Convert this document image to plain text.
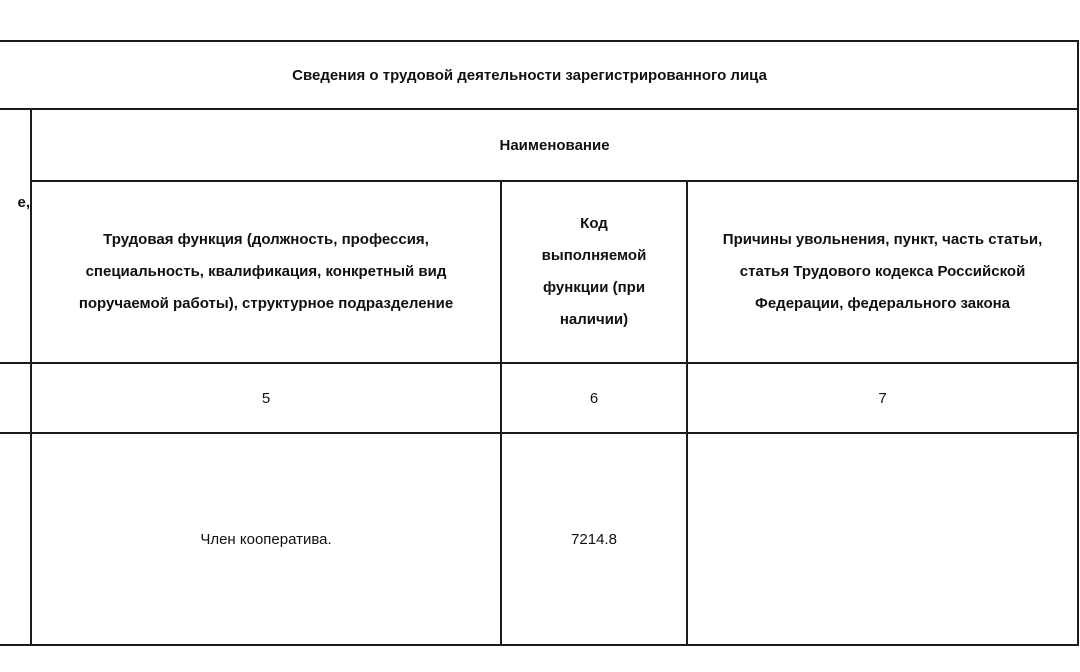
Сведения о трудовой деятельности зарегистрированного лица			

е,	Наименование		
	Трудовая функция (должность, профессия, специальность, квалификация, конкретный вид поручаемой работы), структурное подразделение	Код выполняемой функции (при наличии)	Причины увольнения, пункт, часть статьи, статья Трудового кодекса Российской Федерации, федерального закона
	5	6	7
	Член кооператива.	7214.8	
